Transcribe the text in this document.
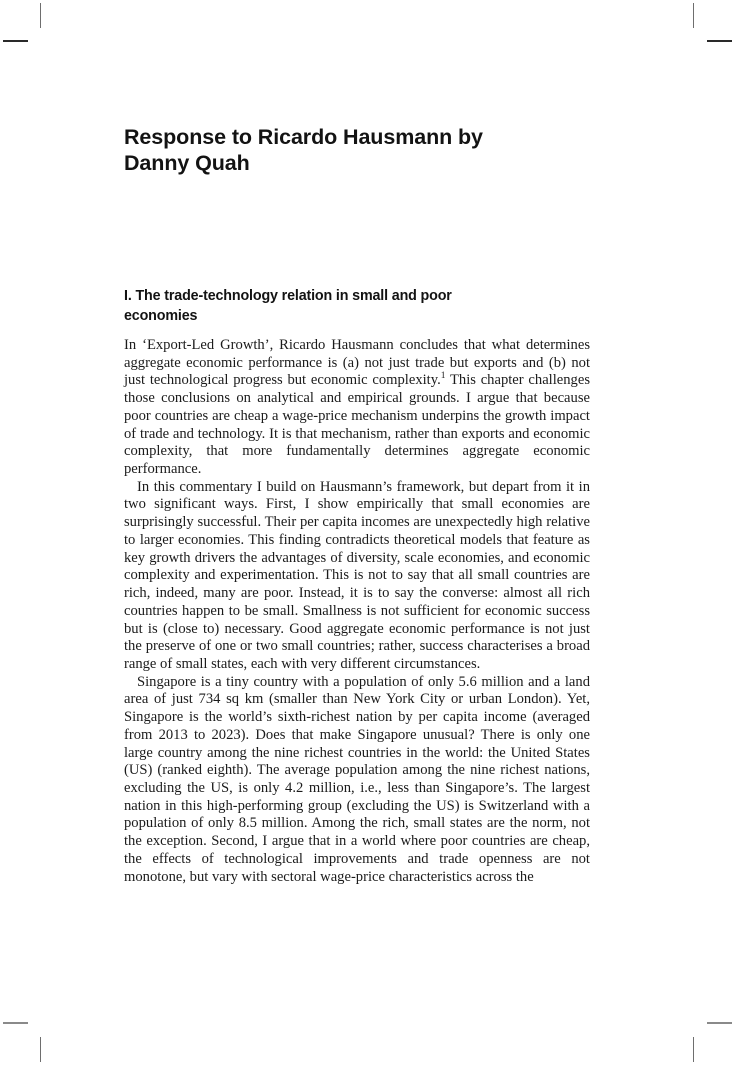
Response to Ricardo Hausmann by Danny Quah
I. The trade-technology relation in small and poor economies

In ‘Export-Led Growth’, Ricardo Hausmann concludes that what determines aggregate economic performance is (a) not just trade but exports and (b) not just technological progress but economic complexity.$^1$ This chapter challenges those conclusions on analytical and empirical grounds. I argue that because poor countries are cheap a wage-price mechanism underpins the growth impact of trade and technology. It is that mechanism, rather than exports and economic complexity, that more fundamentally determines aggregate economic performance.

In this commentary I build on Hausmann’s framework, but depart from it in two significant ways. First, I show empirically that small economies are surprisingly successful. Their per capita incomes are unexpectedly high relative to larger economies. This finding contradicts theoretical models that feature as key growth drivers the advantages of diversity, scale economies, and economic complexity and experimentation. This is not to say that all small countries are rich, indeed, many are poor. Instead, it is to say the converse: almost all rich countries happen to be small. Smallness is not sufficient for economic success but is (close to) necessary. Good aggregate economic performance is not just the preserve of one or two small countries; rather, success characterises a broad range of small states, each with very different circumstances.

Singapore is a tiny country with a population of only 5.6 million and a land area of just 734 sq km (smaller than New York City or urban London). Yet, Singapore is the world’s sixth-richest nation by per capita income (averaged from 2013 to 2023). Does that make Singapore unusual? There is only one large country among the nine richest countries in the world: the United States (US) (ranked eighth). The average population among the nine richest nations, excluding the US, is only 4.2 million, i.e., less than Singapore’s. The largest nation in this high-performing group (excluding the US) is Switzerland with a population of only 8.5 million. Among the rich, small states are the norm, not the exception. Second, I argue that in a world where poor countries are cheap, the effects of technological improvements and trade openness are not monotone, but vary with sectoral wage-price characteristics across the
